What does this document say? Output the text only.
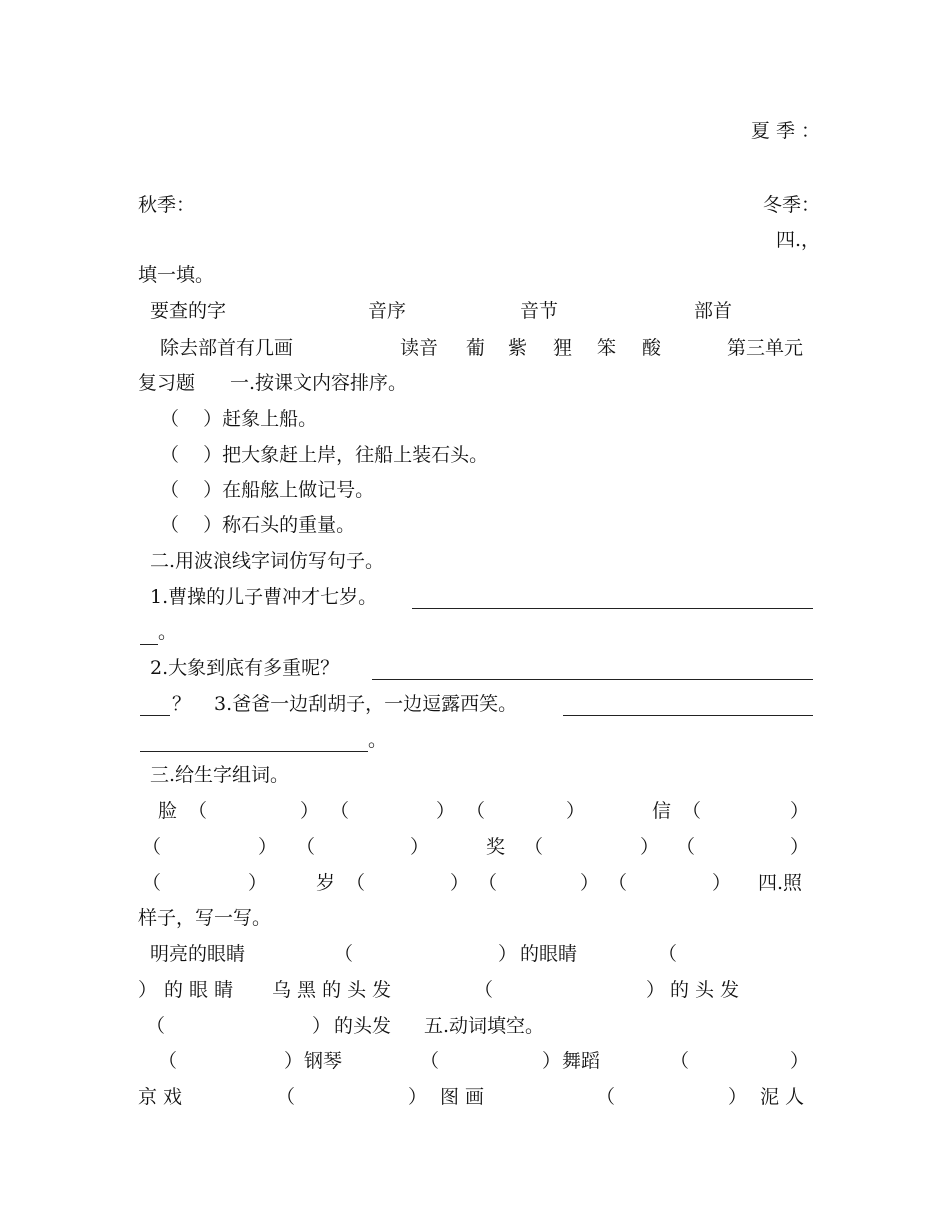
夏 季 ：
秋季：	冬季：
四.，
填一填。
要查的字	音序	音节	部首
除去部首有几画	读音 葡 紫 狸 笨 酸	第三单元
复习题 一.按课文内容排序。
（    ）赶象上船。
（    ）把大象赶上岸，往船上装石头。
（    ）在船舷上做记号。
（    ）称石头的重量。
二.用波浪线字词仿写句子。
1.曹操的儿子曹冲才七岁。
。
2.大象到底有多重呢？
？ 3.爸爸一边刮胡子，一边逗露西笑。
。
三.给生字组词。
脸 （	） （	） （	）	信 （	）
（	） （	）	奖 （	） （	）
（	）	岁 （	） （	） （	） 四.照
样子，写一写。
明亮的眼睛	（	） 的眼睛	（
） 的 眼 睛 乌 黑 的 头 发	（	） 的 头 发
（	） 的头发 五.动词填空。
（	） 钢琴	（	） 舞蹈	（	）
京 戏	（	） 图 画	（	） 泥 人
